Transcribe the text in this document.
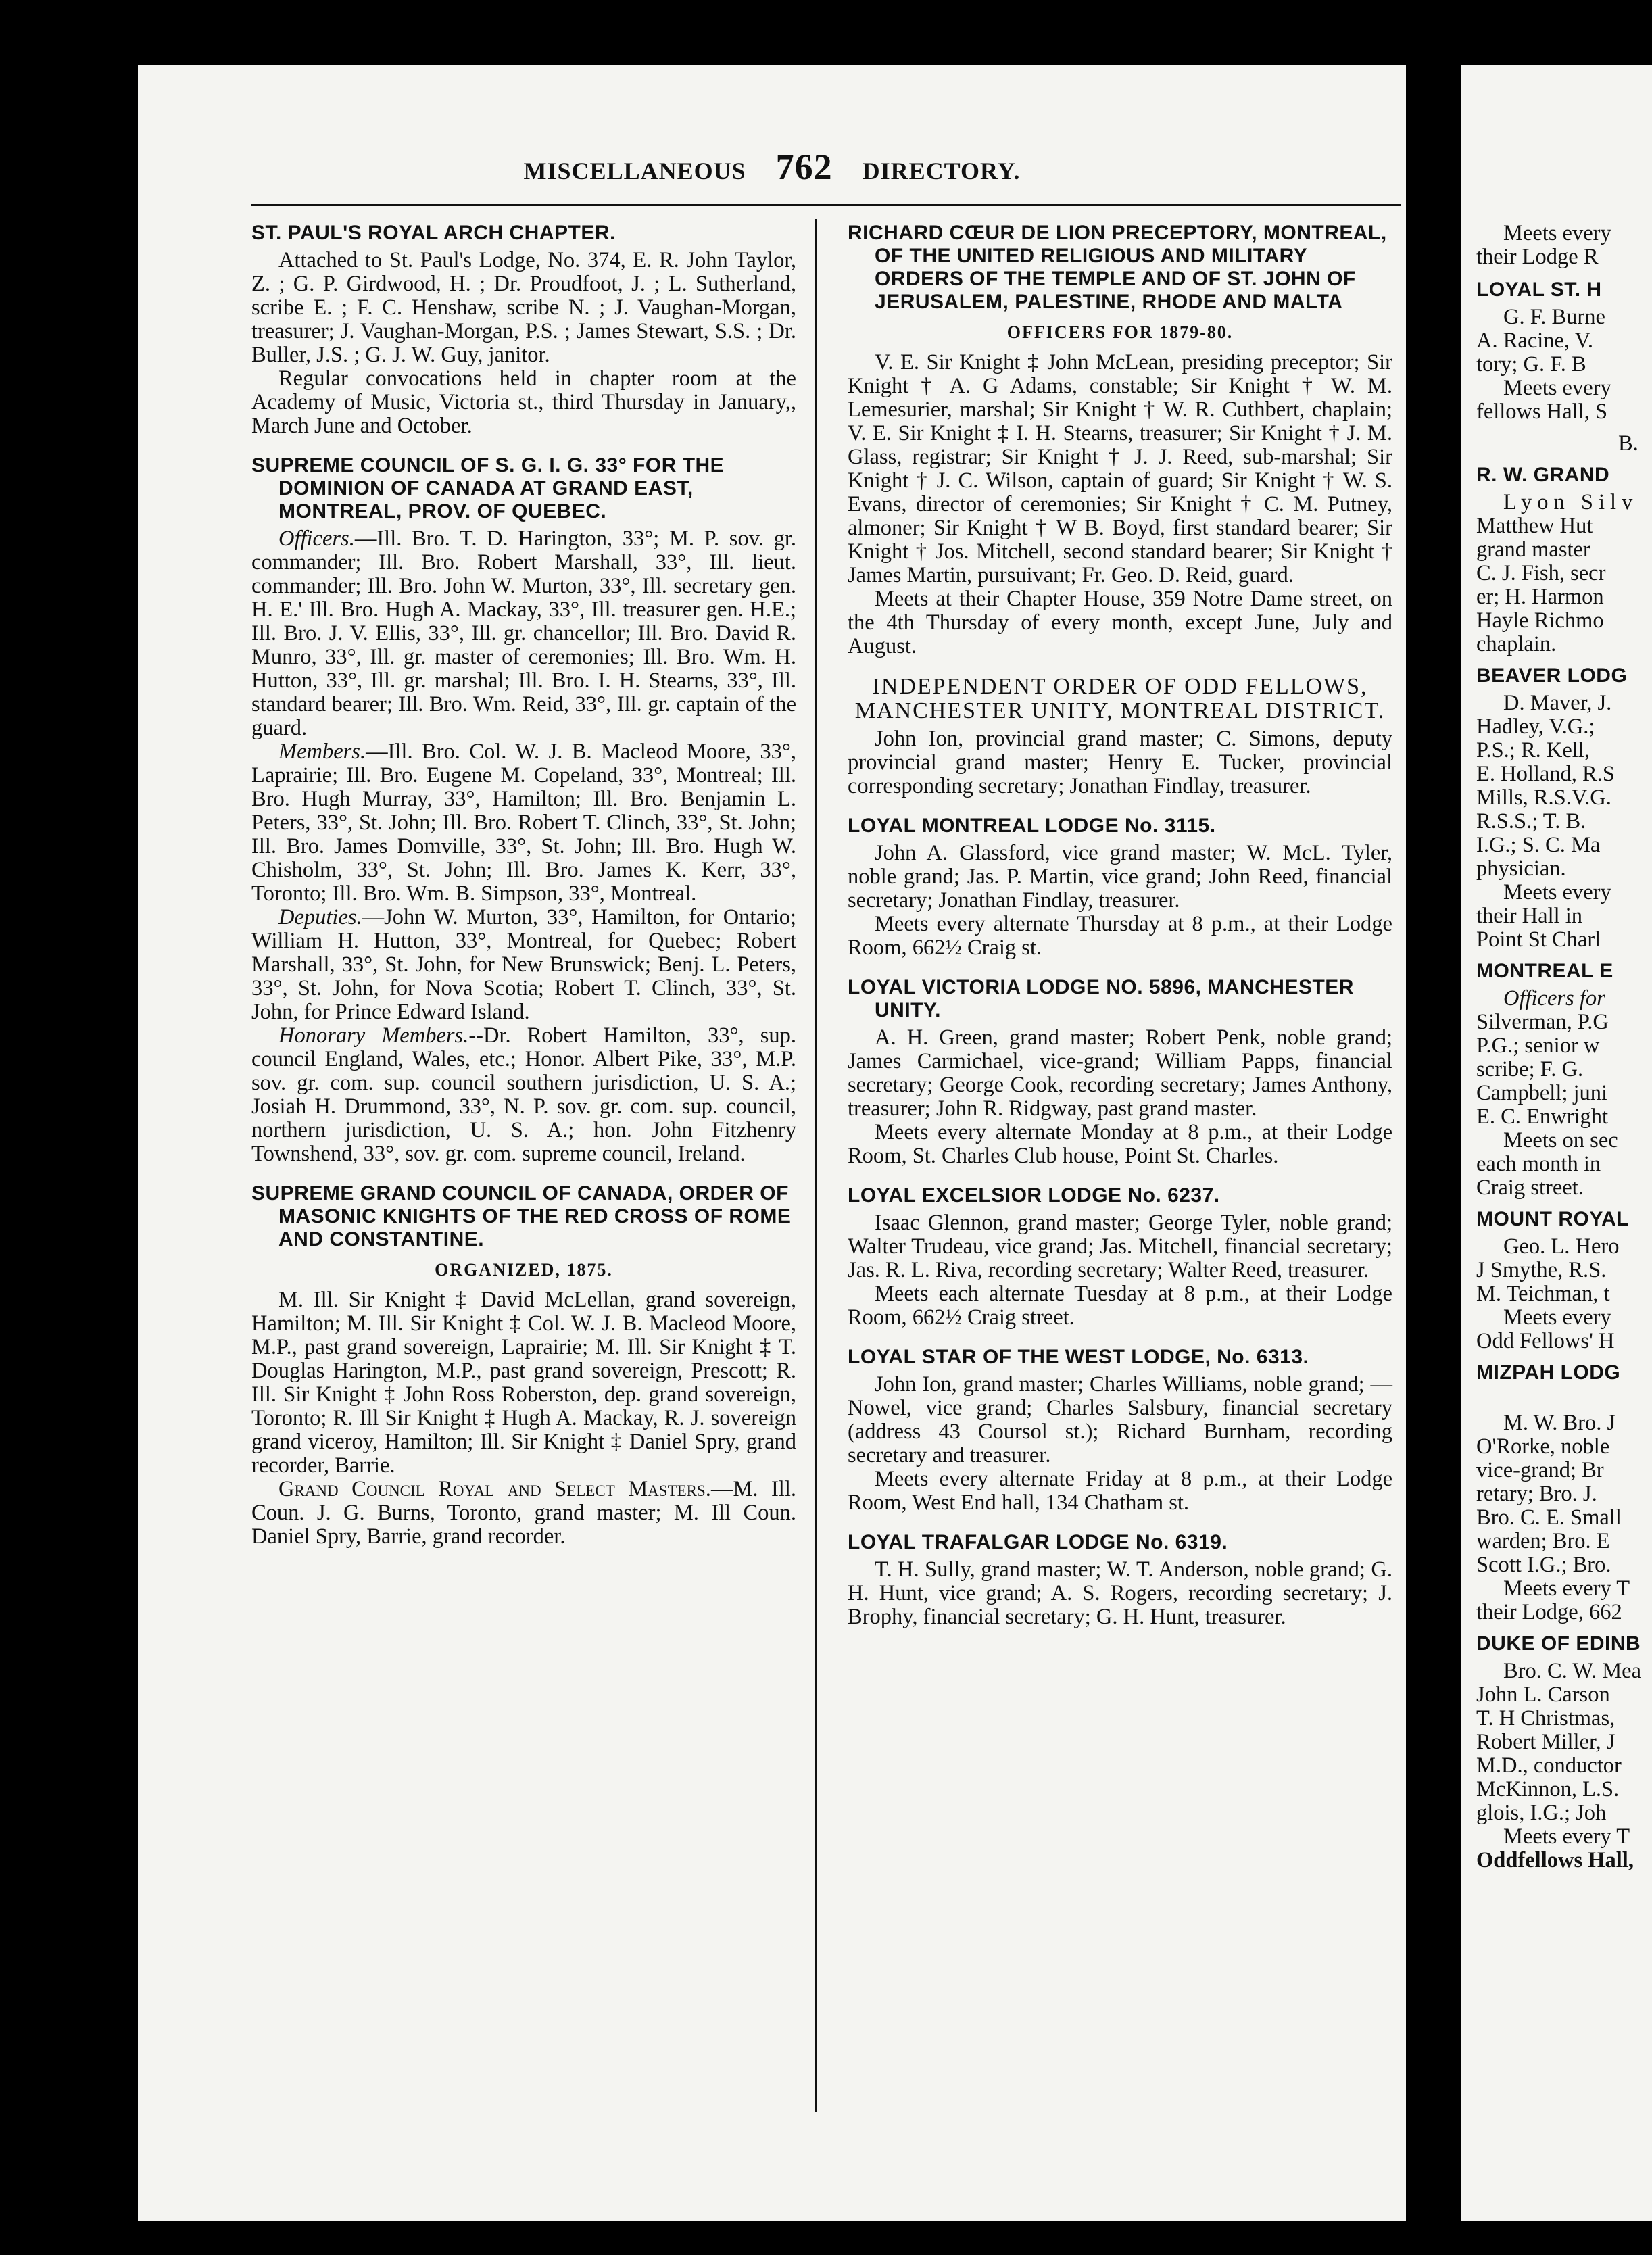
MISCELLANEOUS 762 DIRECTORY.
ST. PAUL'S ROYAL ARCH CHAPTER.

Attached to St. Paul's Lodge, No. 374, E. R. John Taylor, Z. ; G. P. Girdwood, H. ; Dr. Proudfoot, J. ; L. Sutherland, scribe E. ; F. C. Henshaw, scribe N. ; J. Vaughan-Morgan, treasurer; J. Vaughan-Morgan, P.S. ; James Stewart, S.S. ; Dr. Buller, J.S. ; G. J. W. Guy, janitor.

Regular convocations held in chapter room at the Academy of Music, Victoria st., third Thursday in January,, March June and October.

SUPREME COUNCIL OF S. G. I. G. 33° FOR THE DOMINION OF CANADA AT GRAND EAST, MONTREAL, PROV. OF QUEBEC.

Officers.—Ill. Bro. T. D. Harington, 33°; M. P. sov. gr. commander; Ill. Bro. Robert Marshall, 33°, Ill. lieut. commander; Ill. Bro. John W. Murton, 33°, Ill. secretary gen. H. E.' Ill. Bro. Hugh A. Mackay, 33°, Ill. treasurer gen. H.E.; Ill. Bro. J. V. Ellis, 33°, Ill. gr. chancellor; Ill. Bro. David R. Munro, 33°, Ill. gr. master of ceremonies; Ill. Bro. Wm. H. Hutton, 33°, Ill. gr. marshal; Ill. Bro. I. H. Stearns, 33°, Ill. standard bearer; Ill. Bro. Wm. Reid, 33°, Ill. gr. captain of the guard.

Members.—Ill. Bro. Col. W. J. B. Macleod Moore, 33°, Laprairie; Ill. Bro. Eugene M. Copeland, 33°, Montreal; Ill. Bro. Hugh Murray, 33°, Hamilton; Ill. Bro. Benjamin L. Peters, 33°, St. John; Ill. Bro. Robert T. Clinch, 33°, St. John; Ill. Bro. James Domville, 33°, St. John; Ill. Bro. Hugh W. Chisholm, 33°, St. John; Ill. Bro. James K. Kerr, 33°, Toronto; Ill. Bro. Wm. B. Simpson, 33°, Montreal.

Deputies.—John W. Murton, 33°, Hamilton, for Ontario; William H. Hutton, 33°, Montreal, for Quebec; Robert Marshall, 33°, St. John, for New Brunswick; Benj. L. Peters, 33°, St. John, for Nova Scotia; Robert T. Clinch, 33°, St. John, for Prince Edward Island.

Honorary Members.--Dr. Robert Hamilton, 33°, sup. council England, Wales, etc.; Honor. Albert Pike, 33°, M.P. sov. gr. com. sup. council southern jurisdiction, U. S. A.; Josiah H. Drummond, 33°, N. P. sov. gr. com. sup. council, northern jurisdiction, U. S. A.; hon. John Fitzhenry Townshend, 33°, sov. gr. com. supreme council, Ireland.

SUPREME GRAND COUNCIL OF CANADA, ORDER OF MASONIC KNIGHTS OF THE RED CROSS OF ROME AND CONSTANTINE.
ORGANIZED, 1875.

M. Ill. Sir Knight ‡ David McLellan, grand sovereign, Hamilton; M. Ill. Sir Knight ‡ Col. W. J. B. Macleod Moore, M.P., past grand sovereign, Laprairie; M. Ill. Sir Knight ‡ T. Douglas Harington, M.P., past grand sovereign, Prescott; R. Ill. Sir Knight ‡ John Ross Roberston, dep. grand sovereign, Toronto; R. Ill Sir Knight ‡ Hugh A. Mackay, R. J. sovereign grand viceroy, Hamilton; Ill. Sir Knight ‡ Daniel Spry, grand recorder, Barrie.

Grand Council Royal and Select Masters.—M. Ill. Coun. J. G. Burns, Toronto, grand master; M. Ill Coun. Daniel Spry, Barrie, grand recorder.

RICHARD CŒUR DE LION PRECEPTORY, MONTREAL, OF THE UNITED RELIGIOUS AND MILITARY ORDERS OF THE TEMPLE AND OF ST. JOHN OF JERUSALEM, PALESTINE, RHODE AND MALTA
OFFICERS FOR 1879-80.

V. E. Sir Knight ‡ John McLean, presiding preceptor; Sir Knight † A. G Adams, constable; Sir Knight † W. M. Lemesurier, marshal; Sir Knight † W. R. Cuthbert, chaplain; V. E. Sir Knight ‡ I. H. Stearns, treasurer; Sir Knight † J. M. Glass, registrar; Sir Knight † J. J. Reed, sub-marshal; Sir Knight † J. C. Wilson, captain of guard; Sir Knight † W. S. Evans, director of ceremonies; Sir Knight † C. M. Putney, almoner; Sir Knight † W B. Boyd, first standard bearer; Sir Knight † Jos. Mitchell, second standard bearer; Sir Knight † James Martin, pursuivant; Fr. Geo. D. Reid, guard.

Meets at their Chapter House, 359 Notre Dame street, on the 4th Thursday of every month, except June, July and August.

INDEPENDENT ORDER OF ODD FELLOWS, MANCHESTER UNITY, MONTREAL DISTRICT.

John Ion, provincial grand master; C. Simons, deputy provincial grand master; Henry E. Tucker, provincial corresponding secretary; Jonathan Findlay, treasurer.

LOYAL MONTREAL LODGE No. 3115.

John A. Glassford, vice grand master; W. McL. Tyler, noble grand; Jas. P. Martin, vice grand; John Reed, financial secretary; Jonathan Findlay, treasurer.

Meets every alternate Thursday at 8 p.m., at their Lodge Room, 662½ Craig st.

LOYAL VICTORIA LODGE NO. 5896, MANCHESTER UNITY.

A. H. Green, grand master; Robert Penk, noble grand; James Carmichael, vice-grand; William Papps, financial secretary; George Cook, recording secretary; James Anthony, treasurer; John R. Ridgway, past grand master.

Meets every alternate Monday at 8 p.m., at their Lodge Room, St. Charles Club house, Point St. Charles.

LOYAL EXCELSIOR LODGE No. 6237.

Isaac Glennon, grand master; George Tyler, noble grand; Walter Trudeau, vice grand; Jas. Mitchell, financial secretary; Jas. R. L. Riva, recording secretary; Walter Reed, treasurer.

Meets each alternate Tuesday at 8 p.m., at their Lodge Room, 662½ Craig street.

LOYAL STAR OF THE WEST LODGE, No. 6313.

John Ion, grand master; Charles Williams, noble grand; — Nowel, vice grand; Charles Salsbury, financial secretary (address 43 Coursol st.); Richard Burnham, recording secretary and treasurer.

Meets every alternate Friday at 8 p.m., at their Lodge Room, West End hall, 134 Chatham st.

LOYAL TRAFALGAR LODGE No. 6319.

T. H. Sully, grand master; W. T. Anderson, noble grand; G. H. Hunt, vice grand; A. S. Rogers, recording secretary; J. Brophy, financial secretary; G. H. Hunt, treasurer.

Meets every

their Lodge R

LOYAL ST. H

G. F. Burne

A. Racine, V.

tory; G. F. B

Meets every

fellows Hall, S

B.

R. W. GRAND

Lyon Silv

Matthew Hut

grand master

C. J. Fish, secr

er; H. Harmon

Hayle Richmo

chaplain.

BEAVER LODG

D. Maver, J.

Hadley, V.G.;

P.S.; R. Kell,

E. Holland, R.S

Mills, R.S.V.G.

R.S.S.; T. B.

I.G.; S. C. Ma

physician.

Meets every

their Hall in

Point St Charl

MONTREAL E

Officers for

Silverman, P.G

P.G.; senior w

scribe; F. G.

Campbell; juni

E. C. Enwright

Meets on sec

each month in

Craig street.

MOUNT ROYAL

Geo. L. Hero

J Smythe, R.S.

M. Teichman, t

Meets every

Odd Fellows' H

MIZPAH LODG

M. W. Bro. J

O'Rorke, noble

vice-grand; Br

retary; Bro. J.

Bro. C. E. Small

warden; Bro. E

Scott I.G.; Bro.

Meets every T

their Lodge, 662

DUKE OF EDINB

Bro. C. W. Mea

John L. Carson

T. H Christmas,

Robert Miller, J

M.D., conductor

McKinnon, L.S.

glois, I.G.; Joh

Meets every T

Oddfellows Hall,
